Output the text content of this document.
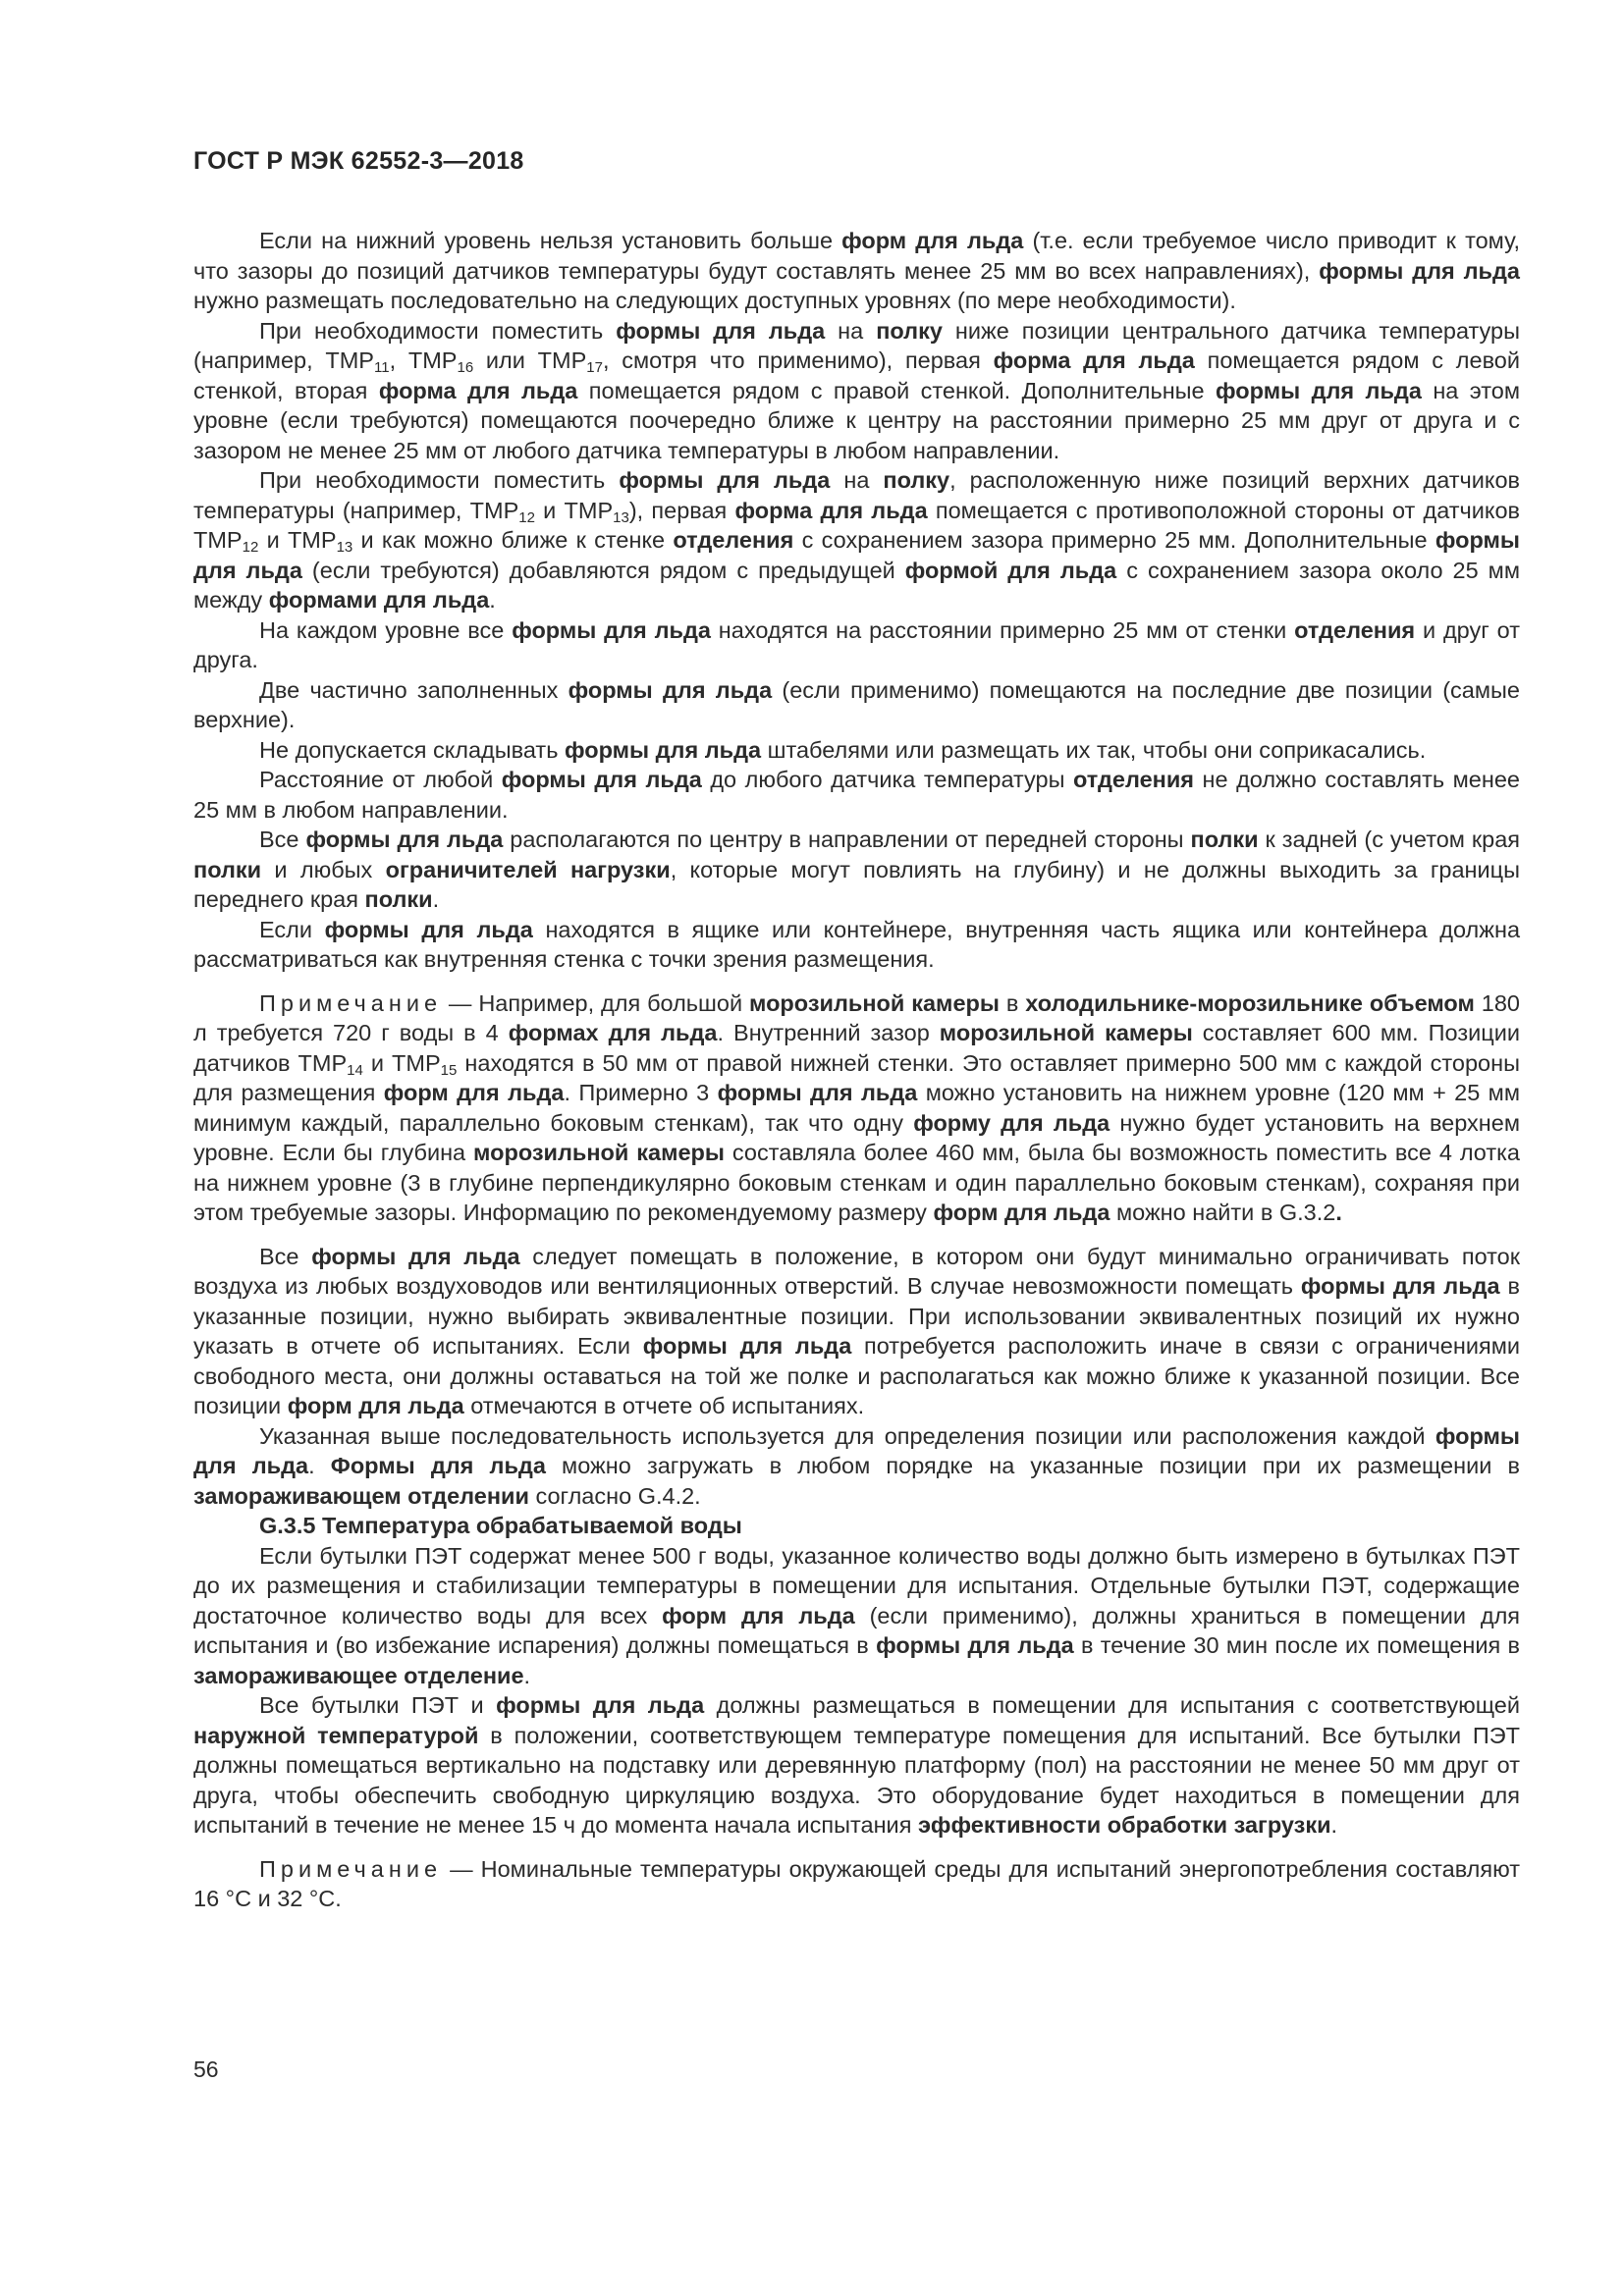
ГОСТ Р МЭК 62552-3—2018

Если на нижний уровень нельзя установить больше форм для льда (т.е. если требуемое число приводит к тому, что зазоры до позиций датчиков температуры будут составлять менее 25 мм во всех направлениях), формы для льда нужно размещать последовательно на следующих доступных уровнях (по мере необходимости).

При необходимости поместить формы для льда на полку ниже позиции центрального датчика температуры (например, $ТМР_{11}$, $ТМР_{16}$ или $ТМР_{17}$, смотря что применимо), первая форма для льда помещается рядом с левой стенкой, вторая форма для льда помещается рядом с правой стенкой. Дополнительные формы для льда на этом уровне (если требуются) помещаются поочередно ближе к центру на расстоянии примерно 25 мм друг от друга и с зазором не менее 25 мм от любого датчика температуры в любом направлении.

При необходимости поместить формы для льда на полку, расположенную ниже позиций верхних датчиков температуры (например, $ТМР_{12}$ и $ТМР_{13}$), первая форма для льда помещается с противоположной стороны от датчиков $ТМР_{12}$ и $ТМР_{13}$ и как можно ближе к стенке отделения с сохранением зазора примерно 25 мм. Дополнительные формы для льда (если требуются) добавляются рядом с предыдущей формой для льда с сохранением зазора около 25 мм между формами для льда.

На каждом уровне все формы для льда находятся на расстоянии примерно 25 мм от стенки отделения и друг от друга.

Две частично заполненных формы для льда (если применимо) помещаются на последние две позиции (самые верхние).

Не допускается складывать формы для льда штабелями или размещать их так, чтобы они соприкасались.

Расстояние от любой формы для льда до любого датчика температуры отделения не должно составлять менее 25 мм в любом направлении.

Все формы для льда располагаются по центру в направлении от передней стороны полки к задней (с учетом края полки и любых ограничителей нагрузки, которые могут повлиять на глубину) и не должны выходить за границы переднего края полки.

Если формы для льда находятся в ящике или контейнере, внутренняя часть ящика или контейнера должна рассматриваться как внутренняя стенка с точки зрения размещения.

Примечание — Например, для большой морозильной камеры в холодильнике-морозильнике объемом 180 л требуется 720 г воды в 4 формах для льда. Внутренний зазор морозильной камеры составляет 600 мм. Позиции датчиков $ТМР_{14}$ и $ТМР_{15}$ находятся в 50 мм от правой нижней стенки. Это оставляет примерно 500 мм с каждой стороны для размещения форм для льда. Примерно 3 формы для льда можно установить на нижнем уровне (120 мм + 25 мм минимум каждый, параллельно боковым стенкам), так что одну форму для льда нужно будет установить на верхнем уровне. Если бы глубина морозильной камеры составляла более 460 мм, была бы возможность поместить все 4 лотка на нижнем уровне (3 в глубине перпендикулярно боковым стенкам и один параллельно боковым стенкам), сохраняя при этом требуемые зазоры. Информацию по рекомендуемому размеру форм для льда можно найти в G.3.2.

Все формы для льда следует помещать в положение, в котором они будут минимально ограничивать поток воздуха из любых воздуховодов или вентиляционных отверстий. В случае невозможности помещать формы для льда в указанные позиции, нужно выбирать эквивалентные позиции. При использовании эквивалентных позиций их нужно указать в отчете об испытаниях. Если формы для льда потребуется расположить иначе в связи с ограничениями свободного места, они должны оставаться на той же полке и располагаться как можно ближе к указанной позиции. Все позиции форм для льда отмечаются в отчете об испытаниях.

Указанная выше последовательность используется для определения позиции или расположения каждой формы для льда. Формы для льда можно загружать в любом порядке на указанные позиции при их размещении в замораживающем отделении согласно G.4.2.

G.3.5 Температура обрабатываемой воды

Если бутылки ПЭТ содержат менее 500 г воды, указанное количество воды должно быть измерено в бутылках ПЭТ до их размещения и стабилизации температуры в помещении для испытания. Отдельные бутылки ПЭТ, содержащие достаточное количество воды для всех форм для льда (если применимо), должны храниться в помещении для испытания и (во избежание испарения) должны помещаться в формы для льда в течение 30 мин после их помещения в замораживающее отделение.

Все бутылки ПЭТ и формы для льда должны размещаться в помещении для испытания с соответствующей наружной температурой в положении, соответствующем температуре помещения для испытаний. Все бутылки ПЭТ должны помещаться вертикально на подставку или деревянную платформу (пол) на расстоянии не менее 50 мм друг от друга, чтобы обеспечить свободную циркуляцию воздуха. Это оборудование будет находиться в помещении для испытаний в течение не менее 15 ч до момента начала испытания эффективности обработки загрузки.

Примечание — Номинальные температуры окружающей среды для испытаний энергопотребления составляют 16 °C и 32 °C.

56
